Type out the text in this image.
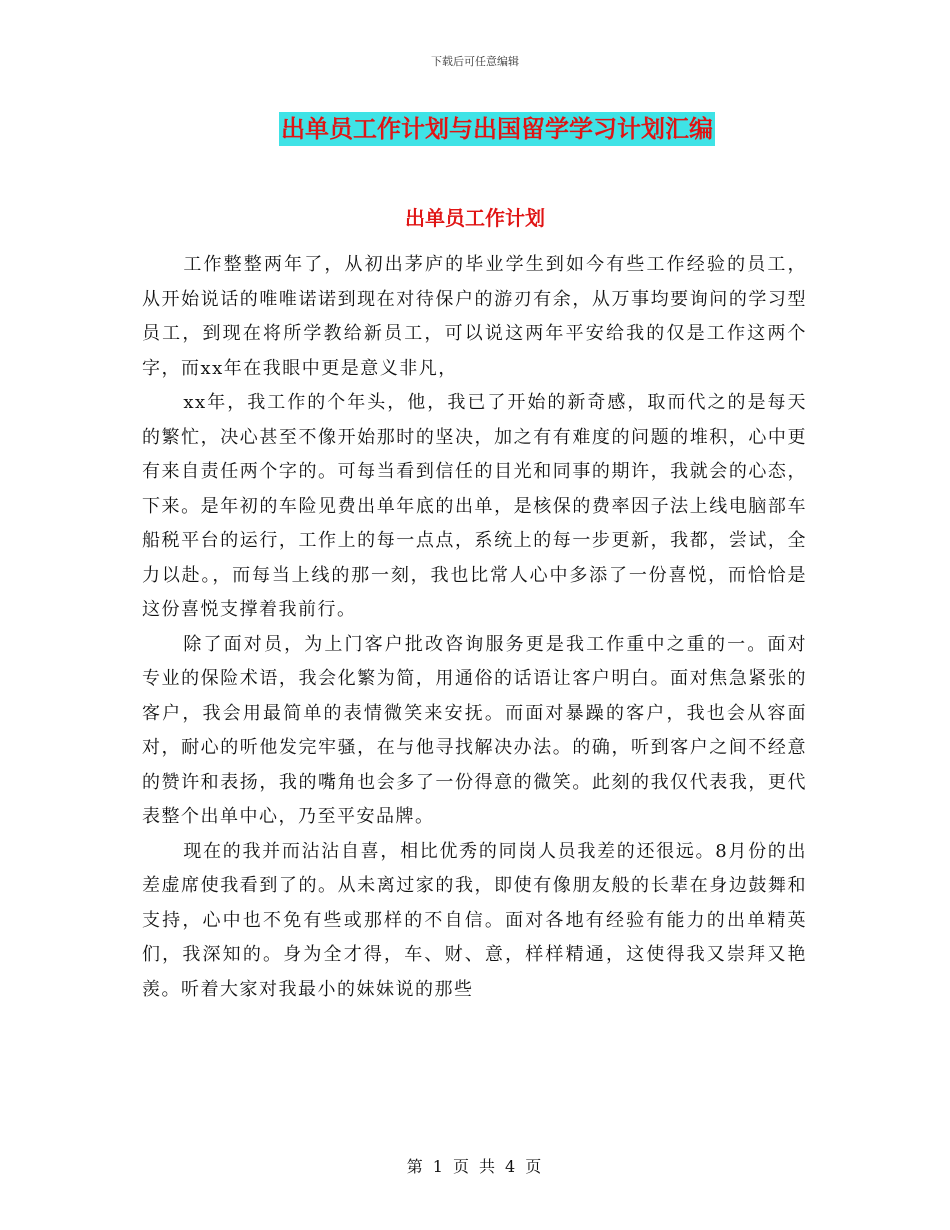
下载后可任意编辑
出单员工作计划与出国留学学习计划汇编
出单员工作计划

工作整整两年了，从初出茅庐的毕业学生到如今有些工作经验的员工，从开始说话的唯唯诺诺到现在对待保户的游刃有余，从万事均要询问的学习型员工，到现在将所学教给新员工，可以说这两年平安给我的仅是工作这两个字，而xx年在我眼中更是意义非凡，

xx年，我工作的个年头，他，我已了开始的新奇感，取而代之的是每天的繁忙，决心甚至不像开始那时的坚决，加之有有难度的问题的堆积，心中更有来自责任两个字的。可每当看到信任的目光和同事的期许，我就会的心态，下来。是年初的车险见费出单年底的出单，是核保的费率因子法上线电脑部车船税平台的运行，工作上的每一点点，系统上的每一步更新，我都，尝试，全力以赴。，而每当上线的那一刻，我也比常人心中多添了一份喜悦，而恰恰是这份喜悦支撑着我前行。

除了面对员，为上门客户批改咨询服务更是我工作重中之重的一。面对专业的保险术语，我会化繁为简，用通俗的话语让客户明白。面对焦急紧张的客户，我会用最简单的表情微笑来安抚。而面对暴躁的客户，我也会从容面对，耐心的听他发完牢骚，在与他寻找解决办法。的确，听到客户之间不经意的赞许和表扬，我的嘴角也会多了一份得意的微笑。此刻的我仅代表我，更代表整个出单中心，乃至平安品牌。

现在的我并而沾沾自喜，相比优秀的同岗人员我差的还很远。8月份的出差虚席使我看到了的。从未离过家的我，即使有像朋友般的长辈在身边鼓舞和支持，心中也不免有些或那样的不自信。面对各地有经验有能力的出单精英们，我深知的。身为全才得，车、财、意，样样精通，这使得我又崇拜又艳羡。听着大家对我最小的妹妹说的那些

第 1 页 共 4 页
